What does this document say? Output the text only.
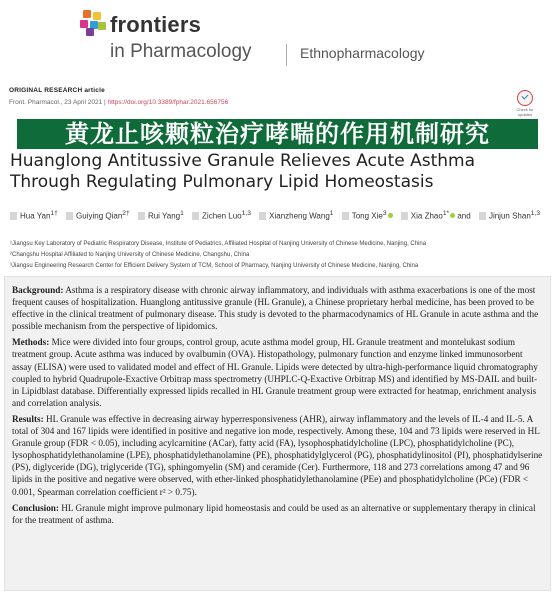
frontiers
in Pharmacology	Ethnopharmacology
ORIGINAL RESEARCH article
Front. Pharmacol., 23 April 2021 | https://doi.org/10.3389/fphar.2021.656756
Check for updates
黄龙止咳颗粒治疗哮喘的作用机制研究
Huanglong Antitussive Granule Relieves Acute Asthma Through Regulating Pulmonary Lipid Homeostasis
Hua Yan$^{1\dagger}$ Guiying Qian$^{2\dagger}$ Rui Yang$^1$ Zichen Luo$^{1,3}$ Xianzheng Wang$^1$ Tong Xie$^3$	Xia Zhao$^{1*}$ and Jinjun Shan$^{1,3}$
¹Jiangsu Key Laboratory of Pediatric Respiratory Disease, Institute of Pediatrics, Affiliated Hospital of Nanjing University of Chinese Medicine, Nanjing, China
²Changshu Hospital Affiliated to Nanjing University of Chinese Medicine, Changshu, China
³Jiangsu Engineering Research Center for Efficient Delivery System of TCM, School of Pharmacy, Nanjing University of Chinese Medicine, Nanjing, China

Background: Asthma is a respiratory disease with chronic airway inflammatory, and individuals with asthma exacerbations is one of the most frequent causes of hospitalization. Huanglong antitussive granule (HL Granule), a Chinese proprietary herbal medicine, has been proved to be effective in the clinical treatment of pulmonary disease. This study is devoted to the pharmacodynamics of HL Granule in acute asthma and the possible mechanism from the perspective of lipidomics.

Methods: Mice were divided into four groups, control group, acute asthma model group, HL Granule treatment and montelukast sodium treatment group. Acute asthma was induced by ovalbumin (OVA). Histopathology, pulmonary function and enzyme linked immunosorbent assay (ELISA) were used to validated model and effect of HL Granule. Lipids were detected by ultra-high-performance liquid chromatography coupled to hybrid Quadrupole-Exactive Orbitrap mass spectrometry (UHPLC-Q-Exactive Orbitrap MS) and identified by MS-DAIL and built-in Lipidblast database. Differentially expressed lipids recalled in HL Granule treatment group were extracted for heatmap, enrichment analysis and correlation analysis.

Results: HL Granule was effective in decreasing airway hyperresponsiveness (AHR), airway inflammatory and the levels of IL-4 and IL-5. A total of 304 and 167 lipids were identified in positive and negative ion mode, respectively. Among these, 104 and 73 lipids were reserved in HL Granule group (FDR < 0.05), including acylcarnitine (ACar), fatty acid (FA), lysophosphatidylcholine (LPC), phosphatidylcholine (PC), lysophosphatidylethanolamine (LPE), phosphatidylethanolamine (PE), phosphatidylglycerol (PG), phosphatidylinositol (PI), phosphatidylserine (PS), diglyceride (DG), triglyceride (TG), sphingomyelin (SM) and ceramide (Cer). Furthermore, 118 and 273 correlations among 47 and 96 lipids in the positive and negative were observed, with ether-linked phosphatidylethanolamine (PEe) and phosphatidylcholine (PCe) (FDR < 0.001, Spearman correlation coefficient r² > 0.75).

Conclusion: HL Granule might improve pulmonary lipid homeostasis and could be used as an alternative or supplementary therapy in clinical for the treatment of asthma.
